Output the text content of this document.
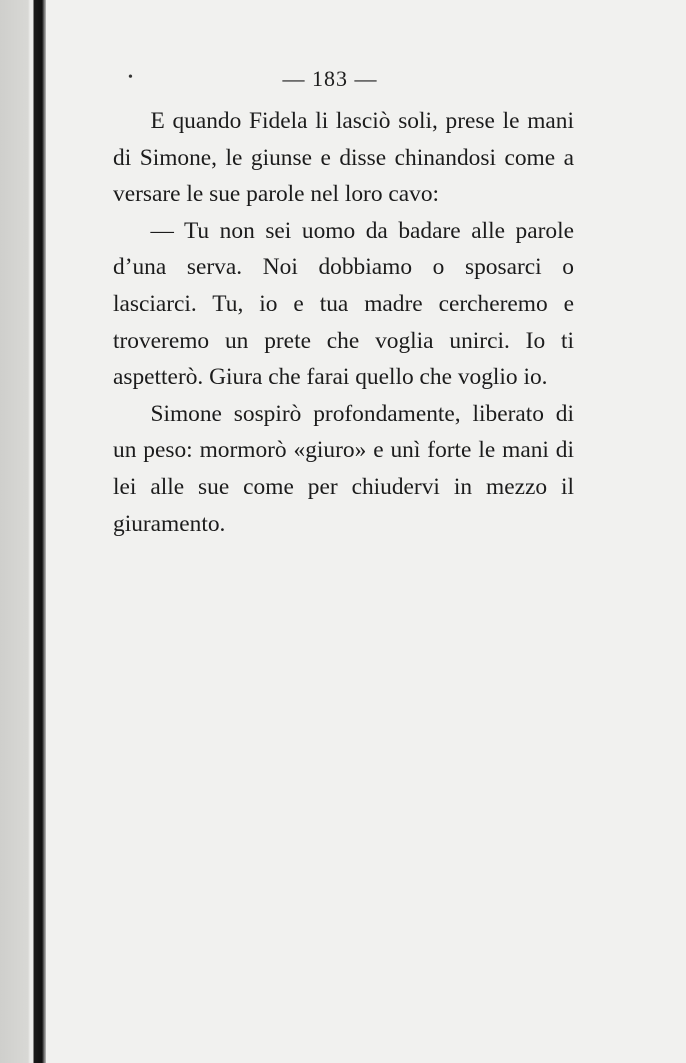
•	— 183 —

E quando Fidela li lasciò soli, prese le mani di Simone, le giunse e disse chinandosi come a versare le sue parole nel loro cavo:

— Tu non sei uomo da badare alle parole d’una serva. Noi dobbiamo o sposarci o lasciarci. Tu, io e tua madre cercheremo e troveremo un prete che voglia unirci. Io ti aspetterò. Giura che farai quello che voglio io.

Simone sospirò profondamente, liberato di un peso: mormorò «giuro» e unì forte le mani di lei alle sue come per chiudervi in mezzo il giuramento.
